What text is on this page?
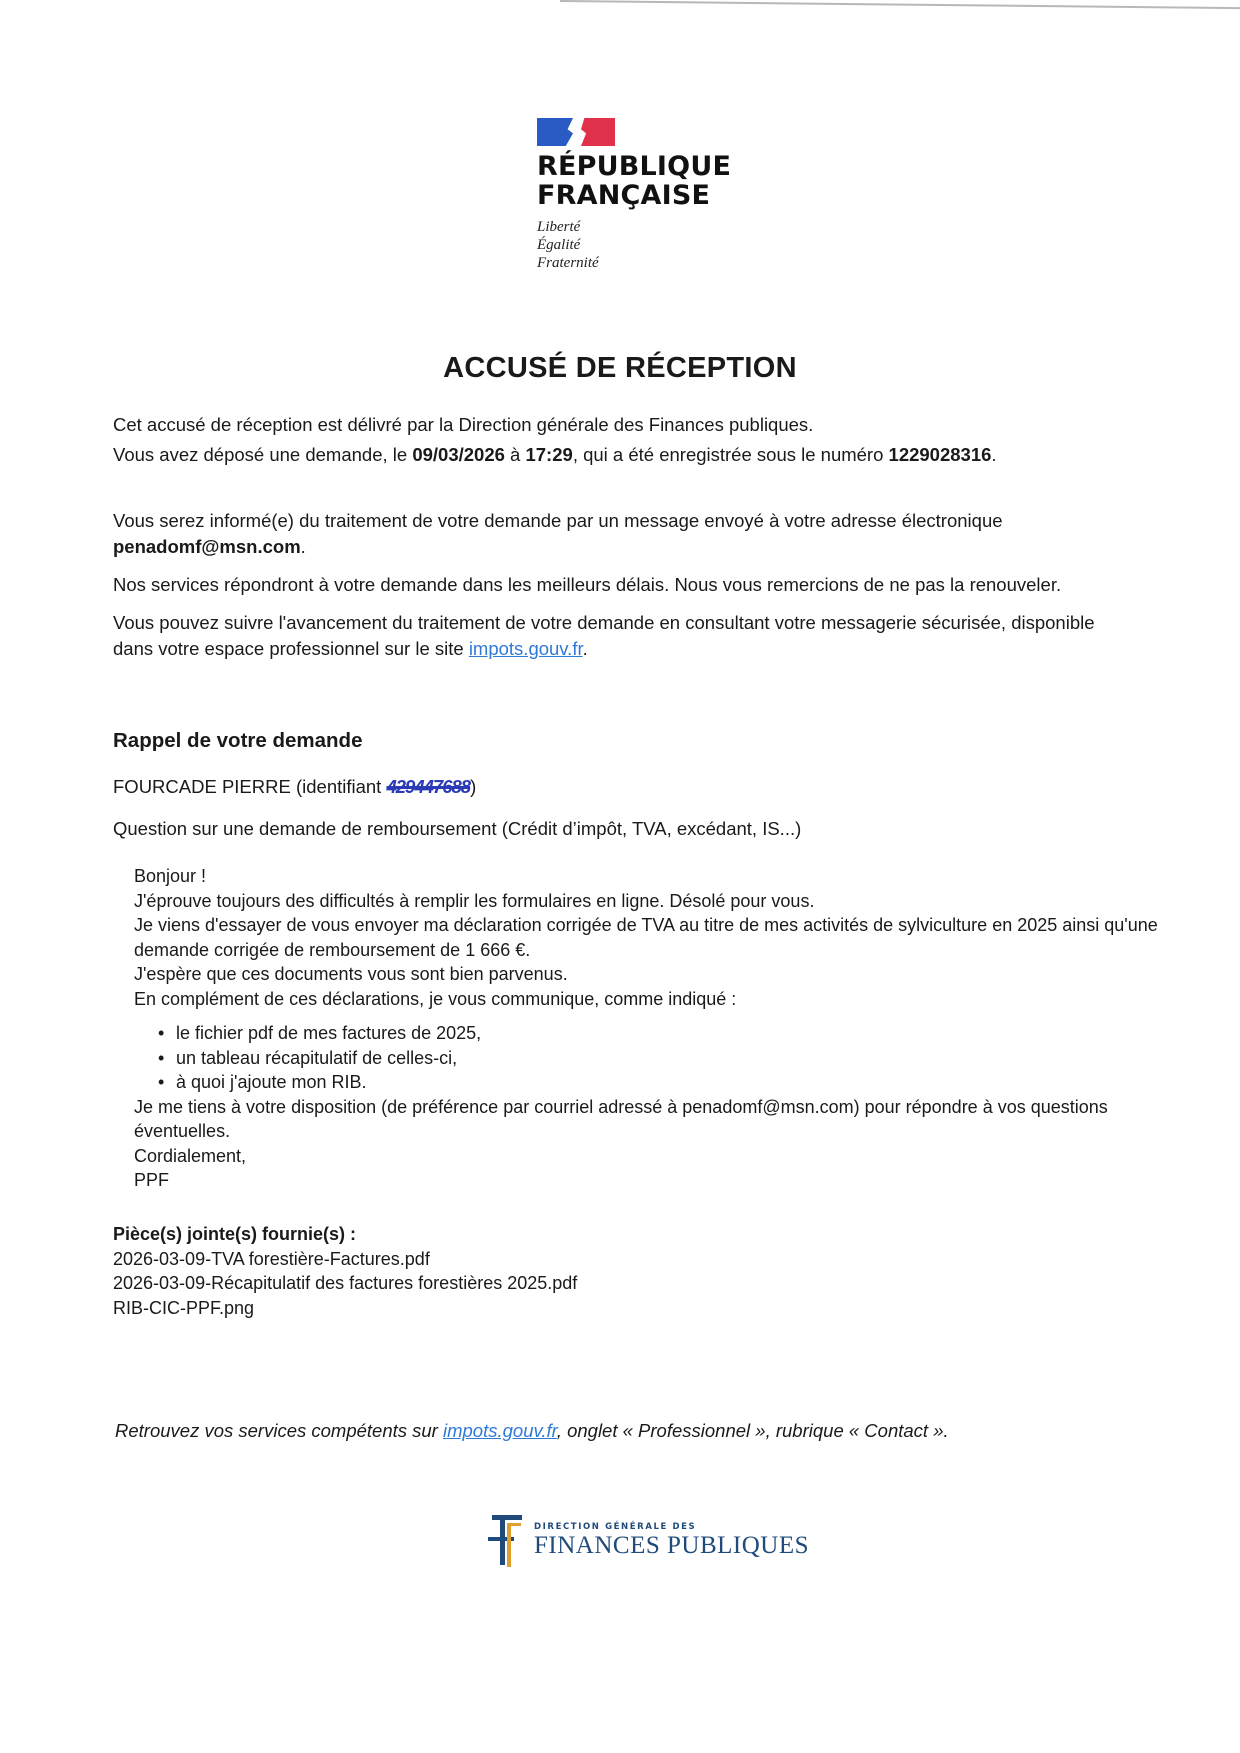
RÉPUBLIQUE
FRANÇAISE
Liberté
Égalité
Fraternité
ACCUSÉ DE RÉCEPTION

Cet accusé de réception est délivré par la Direction générale des Finances publiques.

Vous avez déposé une demande, le 09/03/2026 à 17:29, qui a été enregistrée sous le numéro 1229028316.

Vous serez informé(e) du traitement de votre demande par un message envoyé à votre adresse électronique penadomf@msn.com.

Nos services répondront à votre demande dans les meilleurs délais. Nous vous remercions de ne pas la renouveler.

Vous pouvez suivre l'avancement du traitement de votre demande en consultant votre messagerie sécurisée, disponible dans votre espace professionnel sur le site impots.gouv.fr.

Rappel de votre demande

FOURCADE PIERRE (identifiant 429447688)

Question sur une demande de remboursement (Crédit d’impôt, TVA, excédant, IS...)

Bonjour !
J'éprouve toujours des difficultés à remplir les formulaires en ligne. Désolé pour vous.
Je viens d'essayer de vous envoyer ma déclaration corrigée de TVA au titre de mes activités de sylviculture en 2025 ainsi qu'une demande corrigée de remboursement de 1 666 €.
J'espère que ces documents vous sont bien parvenus.
En complément de ces déclarations, je vous communique, comme indiqué :
• le fichier pdf de mes factures de 2025,
• un tableau récapitulatif de celles-ci,
• à quoi j'ajoute mon RIB.
Je me tiens à votre disposition (de préférence par courriel adressé à penadomf@msn.com) pour répondre à vos questions éventuelles.
Cordialement,
PPF
Pièce(s) jointe(s) fournie(s) :
2026-03-09-TVA forestière-Factures.pdf
2026-03-09-Récapitulatif des factures forestières 2025.pdf
RIB-CIC-PPF.png
Retrouvez vos services compétents sur impots.gouv.fr, onglet « Professionnel », rubrique « Contact ».
DIRECTION GÉNÉRALE DES
FINANCES PUBLIQUES
